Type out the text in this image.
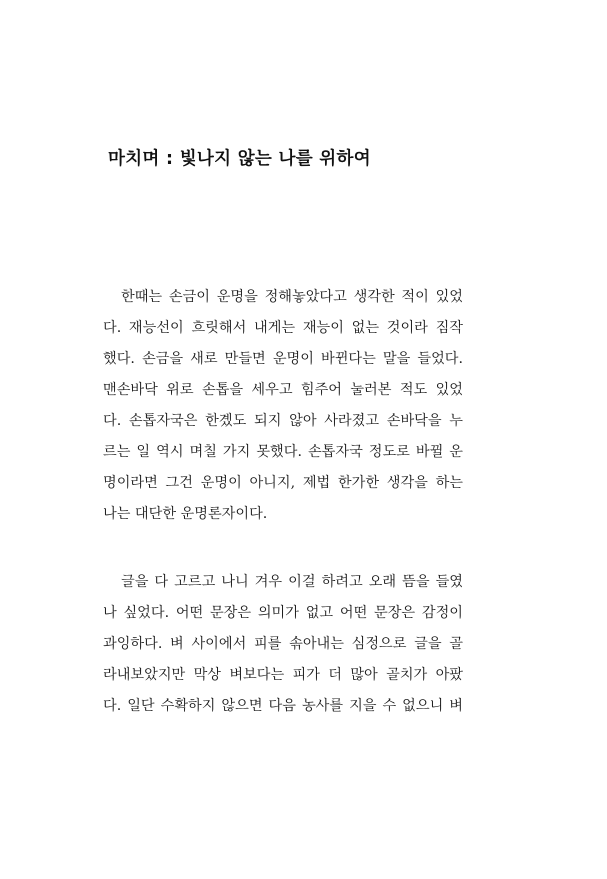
마치며 : 빛나지 않는 나를 위하여
한때는 손금이 운명을 정해놓았다고 생각한 적이 있었
다. 재능선이 흐릿해서 내게는 재능이 없는 것이라 짐작
했다. 손금을 새로 만들면 운명이 바뀐다는 말을 들었다.
맨손바닥 위로 손톱을 세우고 힘주어 눌러본 적도 있었
다. 손톱자국은 한곘도 되지 않아 사라졌고 손바닥을 누
르는 일 역시 며칠 가지 못했다. 손톱자국 정도로 바뀔 운
명이라면 그건 운명이 아니지, 제법 한가한 생각을 하는
나는 대단한 운명론자이다.
글을 다 고르고 나니 겨우 이걸 하려고 오래 뜸을 들였
나 싶었다. 어떤 문장은 의미가 없고 어떤 문장은 감정이
과잉하다. 벼 사이에서 피를 솎아내는 심정으로 글을 골
라내보았지만 막상 벼보다는 피가 더 많아 골치가 아팠
다. 일단 수확하지 않으면 다음 농사를 지을 수 없으니 벼
